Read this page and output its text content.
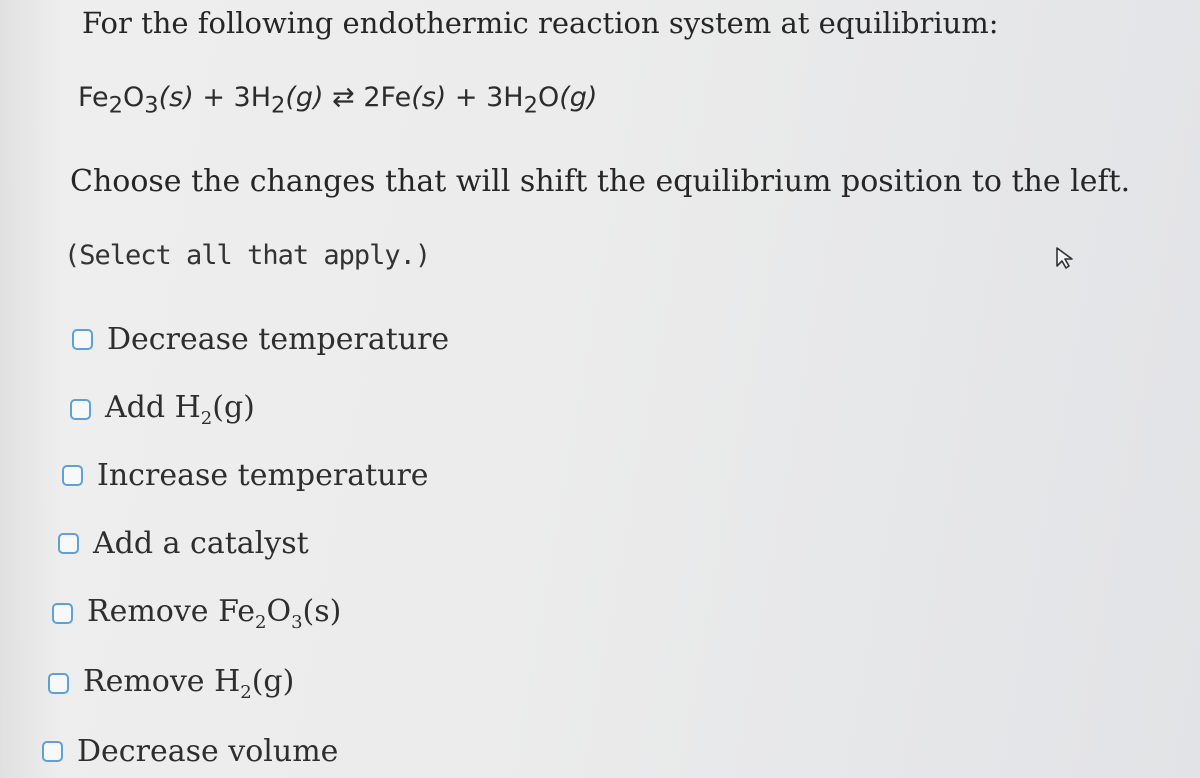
For the following endothermic reaction system at equilibrium:
$Fe_2O_3(s) + 3H_2(g)$ ⇄ $2Fe(s) + 3H_2O(g)$
Choose the changes that will shift the equilibrium position to the left.
(Select all that apply.)
Decrease temperature
Add $H_2(g)$
Increase temperature
Add a catalyst
Remove $Fe_2O_3(s)$
Remove $H_2(g)$
Decrease volume
